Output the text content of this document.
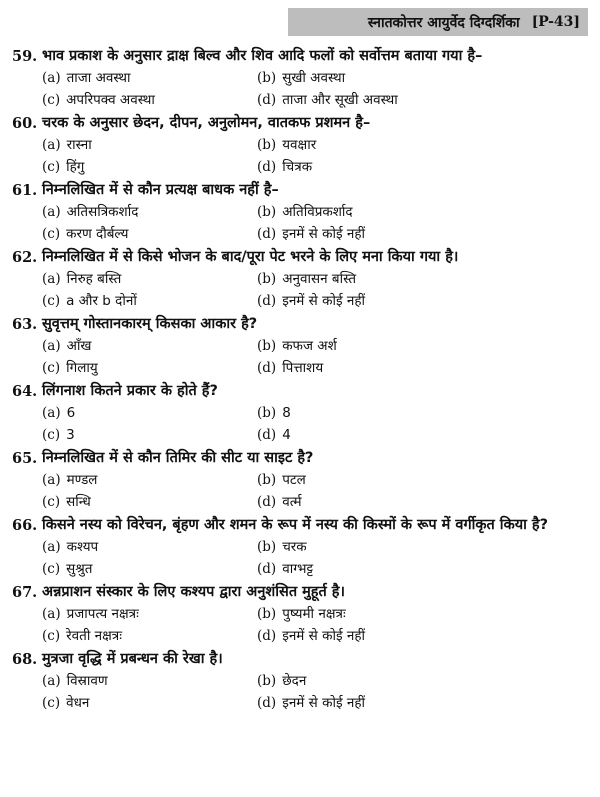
स्नातकोत्तर आयुर्वेद दिग्दर्शिका [P-43]
59. भाव प्रकाश के अनुसार द्राक्ष बिल्व और शिव आदि फलों को सर्वोत्तम बताया गया है–
(a) ताजा अवस्था	(b) सुखी अवस्था
(c) अपरिपक्व अवस्था	(d) ताजा और सूखी अवस्था
60. चरक के अनुसार छेदन, दीपन, अनुलोमन, वातकफ प्रशमन है–
(a) रास्ना	(b) यवक्षार
(c) हिंगु	(d) चित्रक
61. निम्नलिखित में से कौन प्रत्यक्ष बाधक नहीं है–
(a) अतिसत्रिकर्शाद	(b) अतिविप्रकर्शाद
(c) करण दौर्बल्य	(d) इनमें से कोई नहीं
62. निम्नलिखित में से किसे भोजन के बाद/पूरा पेट भरने के लिए मना किया गया है।
(a) निरुह बस्ति	(b) अनुवासन बस्ति
(c) a और b दोनों	(d) इनमें से कोई नहीं
63. सुवृत्तम् गोस्तानकारम् किसका आकार है?
(a) आँख	(b) कफज अर्श
(c) गिलायु	(d) पित्ताशय
64. लिंगनाश कितने प्रकार के होते हैं?
(a) 6	(b) 8
(c) 3	(d) 4
65. निम्नलिखित में से कौन तिमिर की सीट या साइट है?
(a) मण्डल	(b) पटल
(c) सन्धि	(d) वर्त्म
66. किसने नस्य को विरेचन, बृंहण और शमन के रूप में नस्य की किस्मों के रूप में वर्गीकृत किया है?
(a) कश्यप	(b) चरक
(c) सुश्रुत	(d) वाग्भट्ट
67. अन्नप्राशन संस्कार के लिए कश्यप द्वारा अनुशंसित मुहूर्त है।
(a) प्रजापत्य नक्षत्रः	(b) पुष्यमी नक्षत्रः
(c) रेवती नक्षत्रः	(d) इनमें से कोई नहीं
68. मुत्रजा वृद्धि में प्रबन्धन की रेखा है।
(a) विस्रावण	(b) छेदन
(c) वेधन	(d) इनमें से कोई नहीं
